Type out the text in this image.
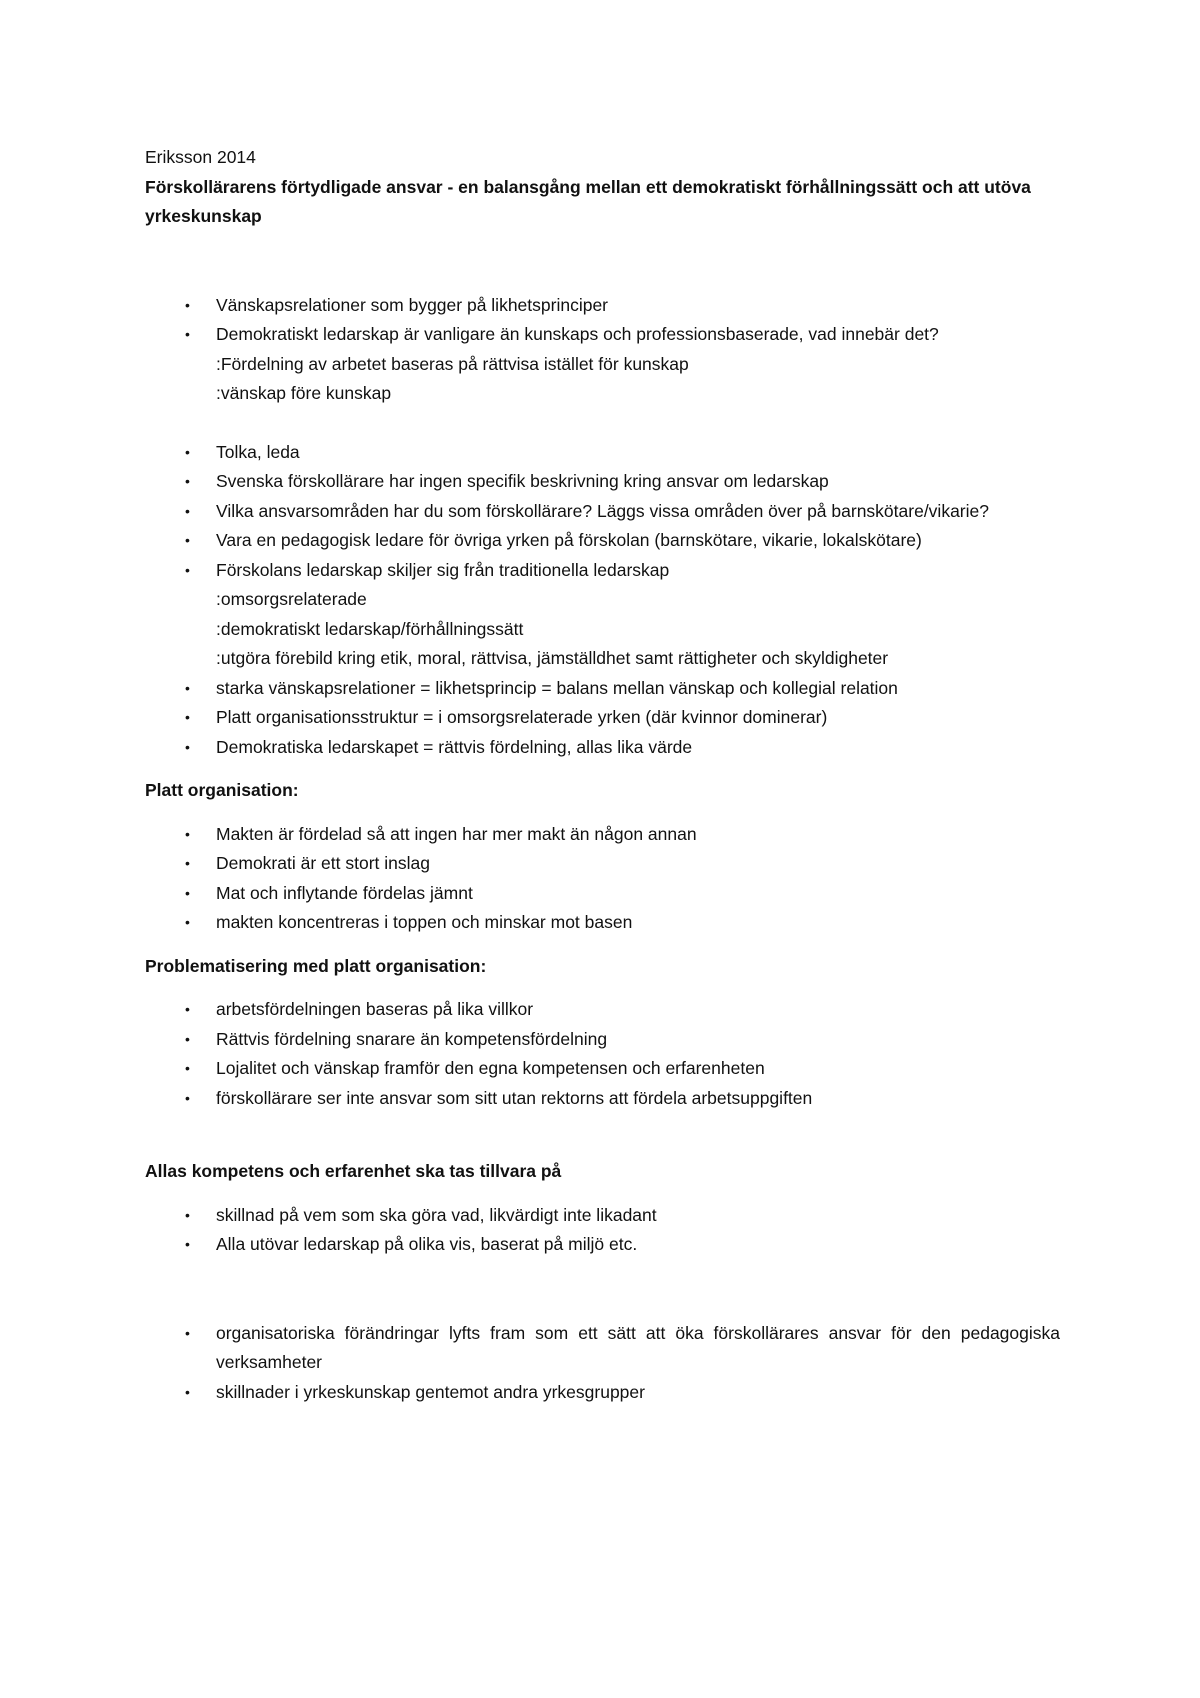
Eriksson 2014

Förskollärarens förtydligade ansvar - en balansgång mellan ett demokratiskt förhållningssätt och att utöva yrkeskunskap

• Vänskapsrelationer som bygger på likhetsprinciper
• Demokratiskt ledarskap är vanligare än kunskaps och professionsbaserade, vad innebär det?
:Fördelning av arbetet baseras på rättvisa istället för kunskap
:vänskap före kunskap
• Tolka, leda
• Svenska förskollärare har ingen specifik beskrivning kring ansvar om ledarskap
• Vilka ansvarsområden har du som förskollärare? Läggs vissa områden över på barnskötare/vikarie?
• Vara en pedagogisk ledare för övriga yrken på förskolan (barnskötare, vikarie, lokalskötare)
• Förskolans ledarskap skiljer sig från traditionella ledarskap
:omsorgsrelaterade
:demokratiskt ledarskap/förhållningssätt
:utgöra förebild kring etik, moral, rättvisa, jämställdhet samt rättigheter och skyldigheter
• starka vänskapsrelationer = likhetsprincip = balans mellan vänskap och kollegial relation
• Platt organisationsstruktur = i omsorgsrelaterade yrken (där kvinnor dominerar)
• Demokratiska ledarskapet = rättvis fördelning, allas lika värde

Platt organisation:

• Makten är fördelad så att ingen har mer makt än någon annan
• Demokrati är ett stort inslag
• Mat och inflytande fördelas jämnt
• makten koncentreras i toppen och minskar mot basen

Problematisering med platt organisation:

• arbetsfördelningen baseras på lika villkor
• Rättvis fördelning snarare än kompetensfördelning
• Lojalitet och vänskap framför den egna kompetensen och erfarenheten
• förskollärare ser inte ansvar som sitt utan rektorns att fördela arbetsuppgiften

Allas kompetens och erfarenhet ska tas tillvara på

• skillnad på vem som ska göra vad, likvärdigt inte likadant
• Alla utövar ledarskap på olika vis, baserat på miljö etc.
• organisatoriska förändringar lyfts fram som ett sätt att öka förskollärares ansvar för den pedagogiska verksamheter
• skillnader i yrkeskunskap gentemot andra yrkesgrupper
